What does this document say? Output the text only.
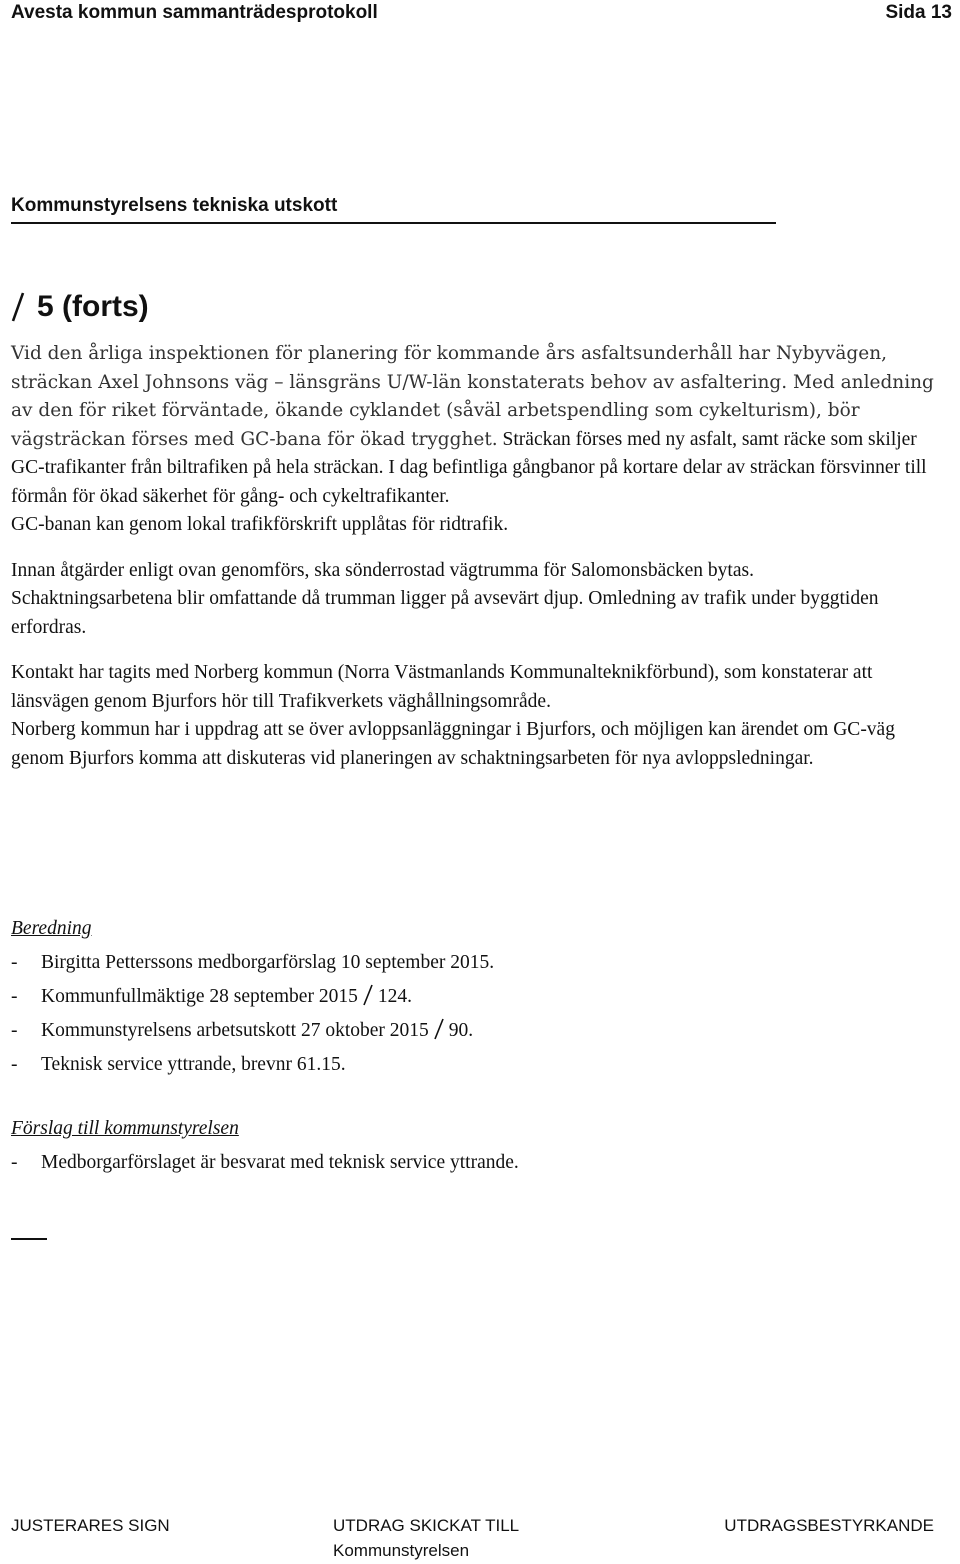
Avesta kommun sammanträdesprotokoll	Sida 13
Kommunstyrelsens tekniska utskott
5 (forts)

Vid den årliga inspektionen för planering för kommande års asfaltsunderhåll har Nybyvägen, sträckan Axel Johnsons väg – länsgräns U/W-län konstaterats behov av asfaltering. Med anledning av den för riket förväntade, ökande cyklandet (såväl arbetspendling som cykelturism), bör vägsträckan förses med GC-bana för ökad trygghet. Sträckan förses med ny asfalt, samt räcke som skiljer GC-trafikanter från biltrafiken på hela sträckan. I dag befintliga gångbanor på kortare delar av sträckan försvinner till förmån för ökad säkerhet för gång- och cykeltrafikanter.

GC-banan kan genom lokal trafikförskrift upplåtas för ridtrafik.

Innan åtgärder enligt ovan genomförs, ska sönderrostad vägtrumma för Salomonsbäcken bytas.

Schaktningsarbetena blir omfattande då trumman ligger på avsevärt djup. Omledning av trafik under byggtiden erfordras.

Kontakt har tagits med Norberg kommun (Norra Västmanlands Kommunalteknikförbund), som konstaterar att länsvägen genom Bjurfors hör till Trafikverkets väghållningsområde.

Norberg kommun har i uppdrag att se över avloppsanläggningar i Bjurfors, och möjligen kan ärendet om GC-väg genom Bjurfors komma att diskuteras vid planeringen av schaktningsarbeten för nya avloppsledningar.

Beredning

- Birgitta Petterssons medborgarförslag 10 september 2015.
- Kommunfullmäktige 28 september 2015 124.
- Kommunstyrelsens arbetsutskott 27 oktober 2015 90.
- Teknisk service yttrande, brevnr 61.15.

Förslag till kommunstyrelsen

- Medborgarförslaget är besvarat med teknisk service yttrande.
JUSTERARES SIGN	UTDRAG SKICKAT TILL
Kommunstyrelsen
UTDRAGSBESTYRKANDE
